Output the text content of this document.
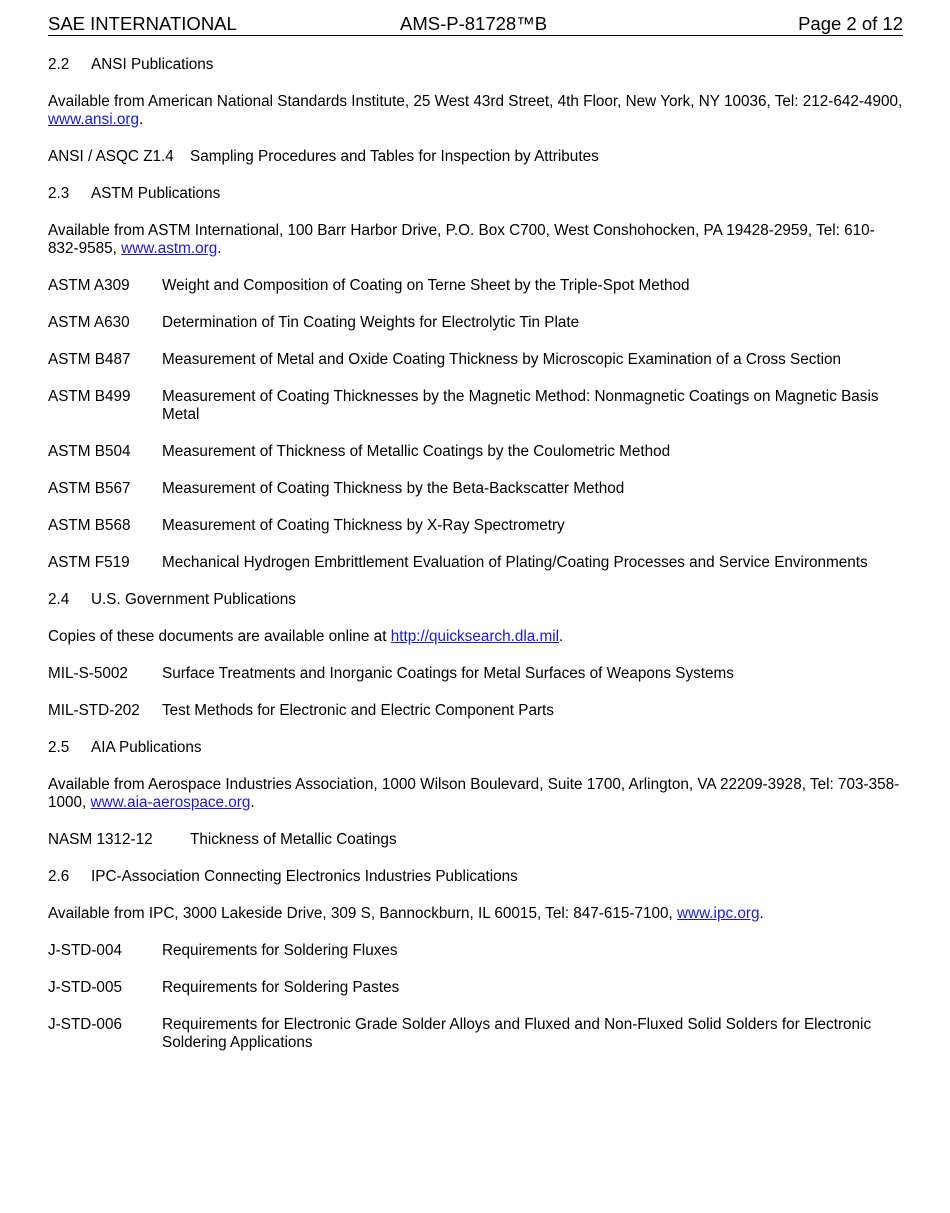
SAE INTERNATIONAL	AMS-P-81728™B	Page 2 of 12
2.2	ANSI Publications

Available from American National Standards Institute, 25 West 43rd Street, 4th Floor, New York, NY 10036, Tel: 212-642-4900, www.ansi.org.

ANSI / ASQC Z1.4	Sampling Procedures and Tables for Inspection by Attributes
2.3	ASTM Publications

Available from ASTM International, 100 Barr Harbor Drive, P.O. Box C700, West Conshohocken, PA 19428-2959, Tel: 610-832-9585, www.astm.org.

ASTM A309	Weight and Composition of Coating on Terne Sheet by the Triple-Spot Method
ASTM A630	Determination of Tin Coating Weights for Electrolytic Tin Plate
ASTM B487	Measurement of Metal and Oxide Coating Thickness by Microscopic Examination of a Cross Section
ASTM B499	Measurement of Coating Thicknesses by the Magnetic Method: Nonmagnetic Coatings on Magnetic Basis Metal
ASTM B504	Measurement of Thickness of Metallic Coatings by the Coulometric Method
ASTM B567	Measurement of Coating Thickness by the Beta-Backscatter Method
ASTM B568	Measurement of Coating Thickness by X-Ray Spectrometry
ASTM F519	Mechanical Hydrogen Embrittlement Evaluation of Plating/Coating Processes and Service Environments
2.4	U.S. Government Publications

Copies of these documents are available online at http://quicksearch.dla.mil.

MIL-S-5002	Surface Treatments and Inorganic Coatings for Metal Surfaces of Weapons Systems
MIL-STD-202	Test Methods for Electronic and Electric Component Parts
2.5	AIA Publications

Available from Aerospace Industries Association, 1000 Wilson Boulevard, Suite 1700, Arlington, VA 22209-3928, Tel: 703-358-1000, www.aia-aerospace.org.

NASM 1312-12	Thickness of Metallic Coatings
2.6	IPC-Association Connecting Electronics Industries Publications

Available from IPC, 3000 Lakeside Drive, 309 S, Bannockburn, IL 60015, Tel: 847-615-7100, www.ipc.org.

J-STD-004	Requirements for Soldering Fluxes
J-STD-005	Requirements for Soldering Pastes
J-STD-006	Requirements for Electronic Grade Solder Alloys and Fluxed and Non-Fluxed Solid Solders for Electronic Soldering Applications
